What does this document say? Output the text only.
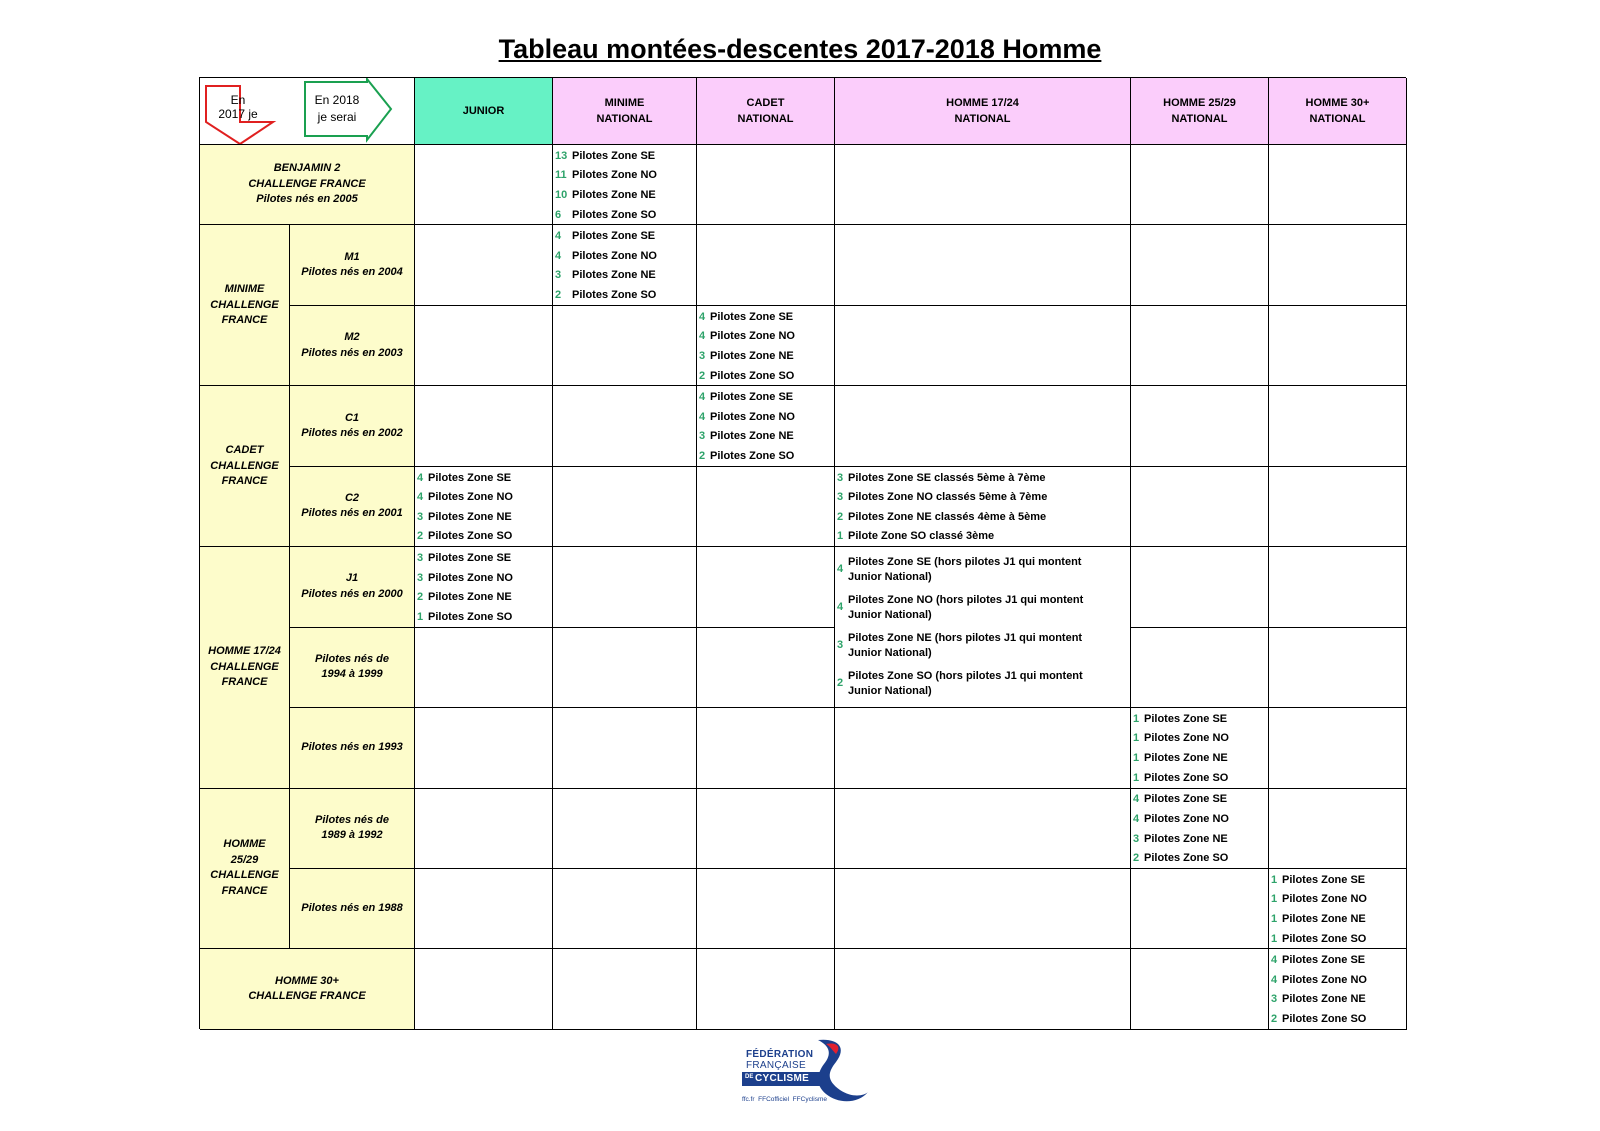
Tableau montées-descentes 2017-2018 Homme
En
2017 je
En 2018
je serai	JUNIOR
MINIME
NATIONAL
CADET
NATIONAL
HOMME 17/24
NATIONAL
HOMME 25/29
NATIONAL
HOMME 30+
NATIONAL
BENJAMIN 2
CHALLENGE FRANCE
Pilotes nés en 2005
MINIME
CHALLENGE
FRANCE
M1
Pilotes nés en 2004
M2
Pilotes nés en 2003
CADET
CHALLENGE
FRANCE
C1
Pilotes nés en 2002
C2
Pilotes nés en 2001
HOMME 17/24
CHALLENGE
FRANCE
J1
Pilotes nés en 2000
Pilotes nés de
1994 à 1999
Pilotes nés en 1993
HOMME
25/29
CHALLENGE
FRANCE
Pilotes nés de
1989 à 1992
Pilotes nés en 1988
HOMME 30+
CHALLENGE FRANCE
13 Pilotes Zone SE
11 Pilotes Zone NO
10 Pilotes Zone NE
6 Pilotes Zone SO
4 Pilotes Zone SE
4 Pilotes Zone NO
3 Pilotes Zone NE
2 Pilotes Zone SO
4 Pilotes Zone SE
4 Pilotes Zone NO
3 Pilotes Zone NE
2 Pilotes Zone SO
4 Pilotes Zone SE
4 Pilotes Zone NO
3 Pilotes Zone NE
2 Pilotes Zone SO
4 Pilotes Zone SE
4 Pilotes Zone NO
3 Pilotes Zone NE
2 Pilotes Zone SO
3 Pilotes Zone SE classés 5ème à 7ème
3 Pilotes Zone NO classés 5ème à 7ème
2 Pilotes Zone NE classés 4ème à 5ème
1 Pilote Zone SO classé 3ème
3 Pilotes Zone SE
3 Pilotes Zone NO
2 Pilotes Zone NE
1 Pilotes Zone SO
4
Pilotes Zone SE (hors pilotes J1 qui montent Junior National)
4
Pilotes Zone NO (hors pilotes J1 qui montent Junior National)
3
Pilotes Zone NE (hors pilotes J1 qui montent Junior National)
2
Pilotes Zone SO (hors pilotes J1 qui montent Junior National)
1 Pilotes Zone SE
1 Pilotes Zone NO
1 Pilotes Zone NE
1 Pilotes Zone SO
4 Pilotes Zone SE
4 Pilotes Zone NO
3 Pilotes Zone NE
2 Pilotes Zone SO
1 Pilotes Zone SE
1 Pilotes Zone NO
1 Pilotes Zone NE
1 Pilotes Zone SO
4 Pilotes Zone SE
4 Pilotes Zone NO
3 Pilotes Zone NE
2 Pilotes Zone SO
FÉDÉRATION
FRANÇAISE
DE CYCLISME
ffc.fr  FFCofficiel  FFCyclisme
